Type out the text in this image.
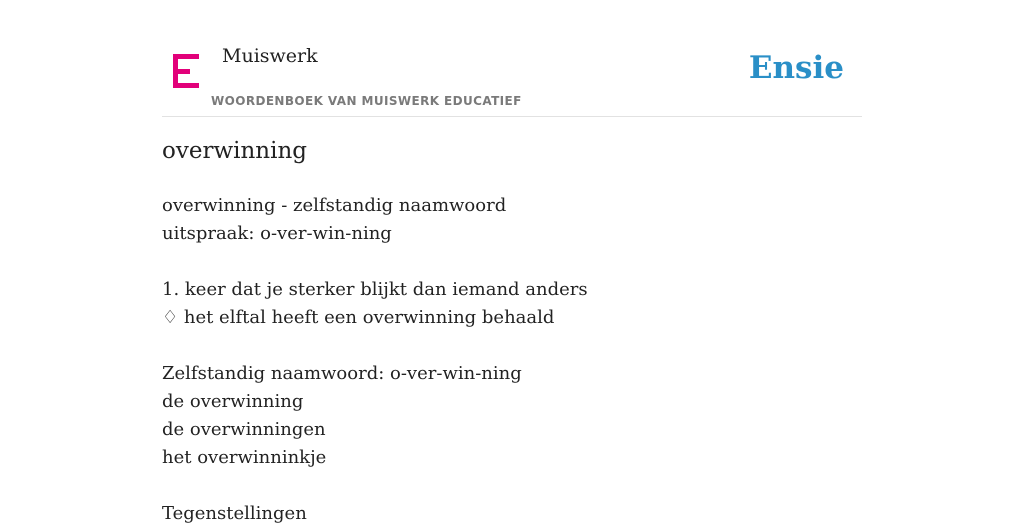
Muiswerk
WOORDENBOEK VAN MUISWERK EDUCATIEF
Ensie
overwinning
overwinning - zelfstandig naamwoord
uitspraak: o-ver-win-ning
1. keer dat je sterker blijkt dan iemand anders
♢ het elftal heeft een overwinning behaald
Zelfstandig naamwoord: o-ver-win-ning
de overwinning
de overwinningen
het overwinninkje
Tegenstellingen
